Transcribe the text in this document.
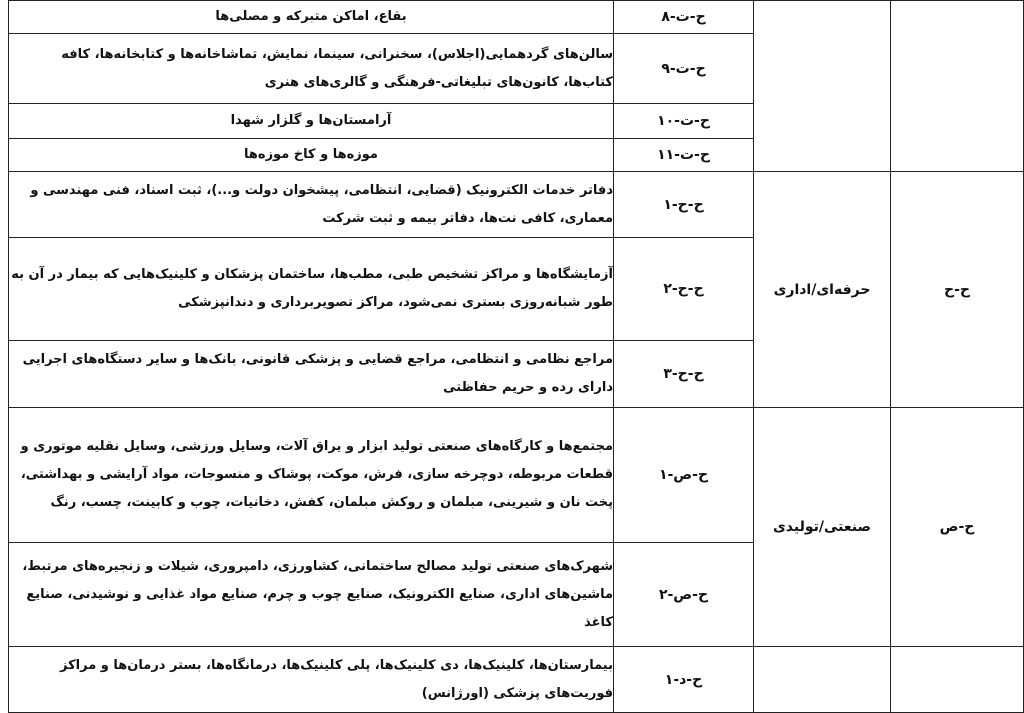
		ح-ت-۸	بقاع، اماکن متبرکه و مصلی‌ها
		ح-ت-۹	سالن‌های گردهمایی(اجلاس)، سخنرانی، سینما، نمایش، تماشاخانه‌ها و کتابخانه‌ها، کافه کتاب‌ها، کانون‌های تبلیغاتی-فرهنگی و گالری‌های هنری
		ح-ت-۱۰	آرامستان‌ها و گلزار شهدا
		ح-ت-۱۱	موزه‌ها و کاخ موزه‌ها
ح-ح	حرفه‌ای/اداری	ح-ح-۱	دفاتر خدمات الکترونیک (قضایی، انتظامی، پیشخوان دولت و...)، ثبت اسناد، فنی مهندسی و معماری، کافی نت‌ها، دفاتر بیمه و ثبت شرکت
		ح-ح-۲	آزمایشگاه‌ها و مراکز تشخیص طبی، مطب‌ها، ساختمان پزشکان و کلینیک‌هایی که بیمار در آن به طور شبانه‌روزی بستری نمی‌شود، مراکز تصویربرداری و دندانپزشکی
		ح-ح-۳	مراجع نظامی و انتظامی، مراجع قضایی و پزشکی قانونی، بانک‌ها و سایر دستگاه‌های اجرایی دارای رده و حریم حفاظتی
ح-ص	صنعتی/تولیدی	ح-ص-۱	مجتمع‌ها و کارگاه‌های صنعتی تولید ابزار و یراق آلات، وسایل ورزشی، وسایل نقلیه موتوری و قطعات مربوطه، دوچرخه سازی، فرش، موکت، پوشاک و منسوجات، مواد آرایشی و بهداشتی، پخت نان و شیرینی، مبلمان و روکش مبلمان، کفش، دخانیات، چوب و کابینت، چسب، رنگ
		ح-ص-۲	شهرک‌های صنعتی تولید مصالح ساختمانی، کشاورزی، دامپروری، شیلات و زنجیره‌های مرتبط، ماشین‌های اداری، صنایع الکترونیک، صنایع چوب و چرم، صنایع مواد غذایی و نوشیدنی، صنایع کاغذ
		ح-د-۱	بیمارستان‌ها، کلینیک‌ها، دی کلینیک‌ها، پلی کلینیک‌ها، درمانگاه‌ها، بستر درمان‌ها و مراکز فوریت‌های پزشکی (اورژانس)
